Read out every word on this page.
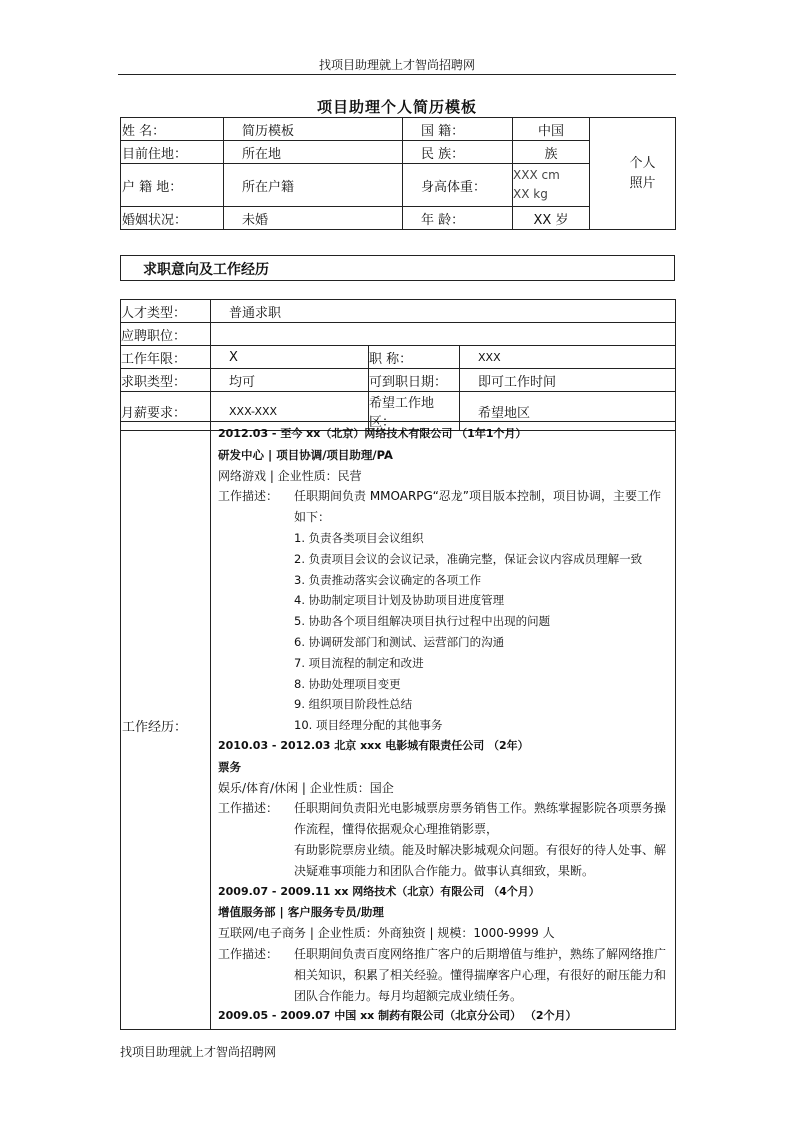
找项目助理就上才智尚招聘网
项目助理个人简历模板
姓 名：	简历模板	国 籍：	中国	个人
照片

目前住地：	所在地	民 族：	族	
户 籍 地：	所在户籍	身高体重：	XXX cm
XX kg	

婚姻状况：	未婚	年 龄：	XX 岁	
求职意向及工作经历
人才类型：	普通求职		
应聘职位：			
工作年限：	X	职 称：	XXX
求职类型：	均可	可到职日期：	即可工作时间
月薪要求：	XXX-XXX	希望工作地区：	希望地区
工作经历：	
2012.03 - 至今 xx（北京）网络技术有限公司 （1年1个月）
研发中心 | 项目协调/项目助理/PA
网络游戏 | 企业性质：民营
工作描述：	任职期间负责 MMOARPG“忍龙”项目版本控制，项目协调，主要工作如下：
1. 负责各类项目会议组织
2. 负责项目会议的会议记录，准确完整，保证会议内容成员理解一致
3. 负责推动落实会议确定的各项工作
4. 协助制定项目计划及协助项目进度管理
5. 协助各个项目组解决项目执行过程中出现的问题
6. 协调研发部门和测试、运营部门的沟通
7. 项目流程的制定和改进
8. 协助处理项目变更
9. 组织项目阶段性总结
10. 项目经理分配的其他事务
2010.03 - 2012.03 北京 xxx 电影城有限责任公司 （2年）
票务
娱乐/体育/休闲 | 企业性质：国企
工作描述：	任职期间负责阳光电影城票房票务销售工作。熟练掌握影院各项票务操作流程，懂得依据观众心理推销影票，
有助影院票房业绩。能及时解决影城观众问题。有很好的待人处事、解决疑难事项能力和团队合作能力。做事认真细致，果断。
2009.07 - 2009.11 xx 网络技术（北京）有限公司 （4个月）
增值服务部 | 客户服务专员/助理
互联网/电子商务 | 企业性质：外商独资 | 规模：1000-9999 人
工作描述：	任职期间负责百度网络推广客户的后期增值与维护，熟练了解网络推广相关知识，积累了相关经验。懂得揣摩客户心理，有很好的耐压能力和团队合作能力。每月均超额完成业绩任务。
2009.05 - 2009.07 中国 xx 制药有限公司（北京分公司） （2个月）
找项目助理就上才智尚招聘网
